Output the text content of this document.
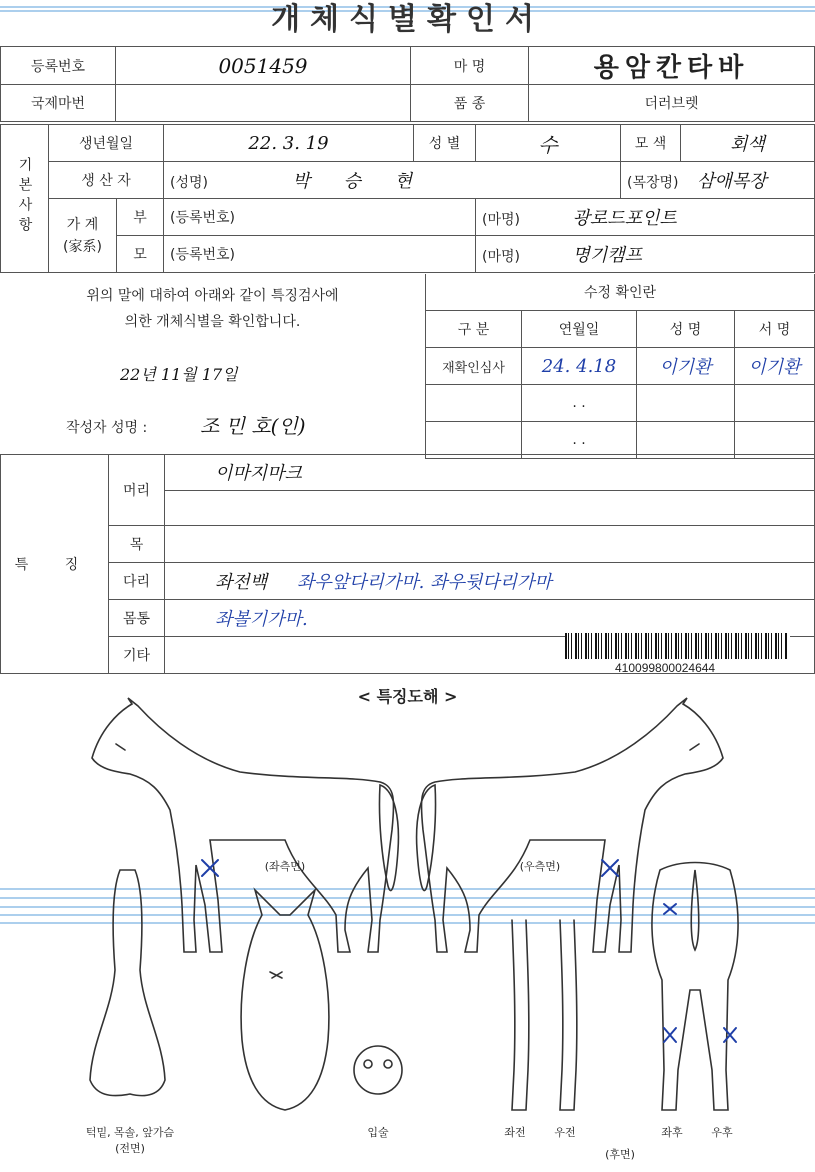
개체식별확인서
등록번호	0051459	마 명	용암칸타바
국제마번		품 종	더러브렛
기본사항	생년월일		22. 3. 19	성 별	수	모 색	회색
	생 산 자		(성명) 박 승 현			(목장명) 삼애목장	

	가 계
(家系)	부	(등록번호)		(마명) 광로드포인트		
		모	(등록번호)		(마명) 명기캠프		
위의 말에 대하여 아래와 같이 특징검사에
의한 개체식별을 확인합니다.
22년 11월 17일
작성자 성명 :	조 민 호(인)
수정 확인란			
구 분	연월일	성 명	서 명
재확인심사	24. 4.18	이기환	이기환
	. .		
	. .		
특 징	머리	이마지마크

	목	
	다리	좌전백 좌우앞다리가마. 좌우뒷다리가마
	몸통	좌볼기가마.
	기타	
410099800024644
< 특징도해 >
(좌측면)	(우측면)
턱밑, 목솔, 앞가슴
(전면)
입술	좌전	우전	좌후	우후
(후면)
